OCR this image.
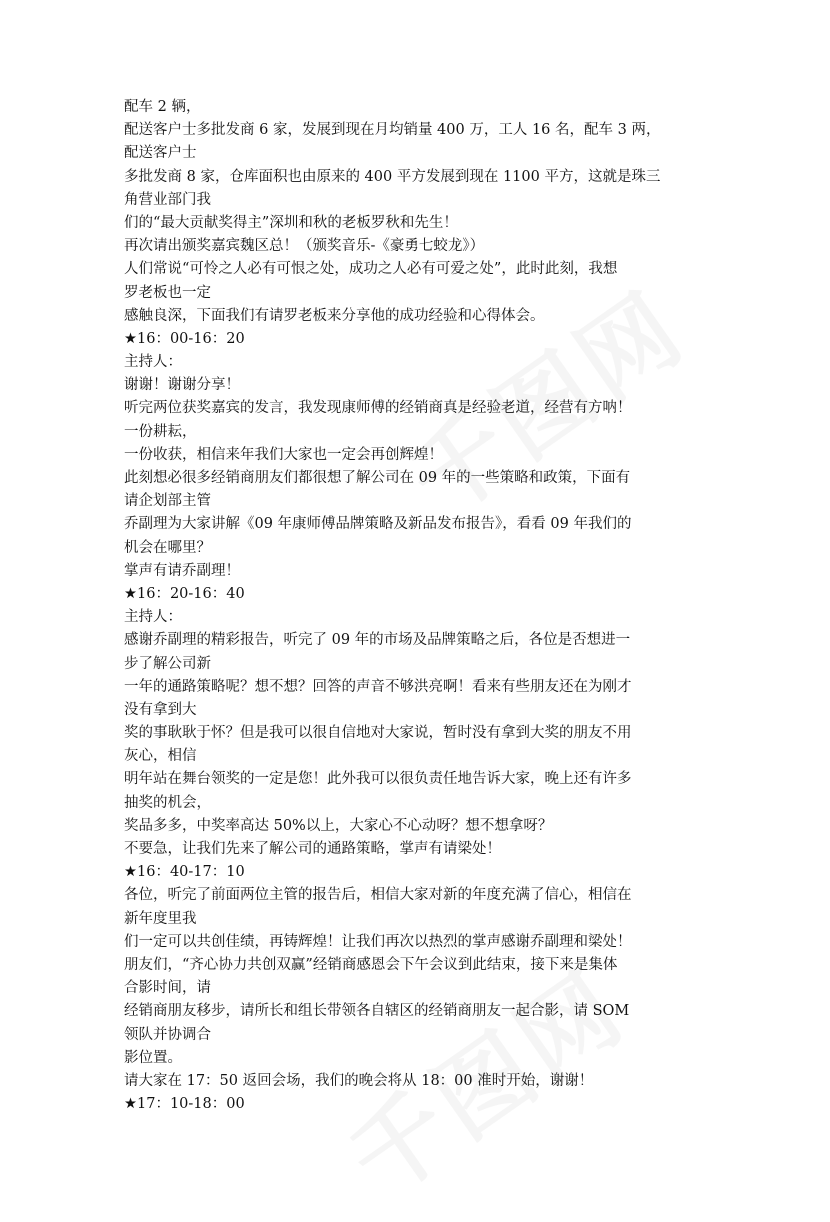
配车 2 辆，
配送客户士多批发商 6 家，发展到现在月均销量 400 万，工人 16 名，配车 3 两，
配送客户士
多批发商 8 家，仓库面积也由原来的 400 平方发展到现在 1100 平方，这就是珠三
角营业部门我
们的“最大贡献奖得主”深圳和秋的老板罗秋和先生！
再次请出颁奖嘉宾魏区总！（颁奖音乐-《豪勇七蛟龙》）
人们常说“可怜之人必有可恨之处，成功之人必有可爱之处”，此时此刻，我想
罗老板也一定
感触良深，下面我们有请罗老板来分享他的成功经验和心得体会。
★16：00-16：20
主持人：
谢谢！谢谢分享！
听完两位获奖嘉宾的发言，我发现康师傅的经销商真是经验老道，经营有方呐！
一份耕耘，
一份收获，相信来年我们大家也一定会再创辉煌！
此刻想必很多经销商朋友们都很想了解公司在 09 年的一些策略和政策，下面有
请企划部主管
乔副理为大家讲解《09 年康师傅品牌策略及新品发布报告》，看看 09 年我们的
机会在哪里？
掌声有请乔副理！
★16：20-16：40
主持人：
感谢乔副理的精彩报告，听完了 09 年的市场及品牌策略之后，各位是否想进一
步了解公司新
一年的通路策略呢？想不想？回答的声音不够洪亮啊！看来有些朋友还在为刚才
没有拿到大
奖的事耿耿于怀？但是我可以很自信地对大家说，暂时没有拿到大奖的朋友不用
灰心，相信
明年站在舞台领奖的一定是您！此外我可以很负责任地告诉大家，晚上还有许多
抽奖的机会，
奖品多多，中奖率高达 50%以上，大家心不心动呀？想不想拿呀？
不要急，让我们先来了解公司的通路策略，掌声有请梁处！
★16：40-17：10
各位，听完了前面两位主管的报告后，相信大家对新的年度充满了信心，相信在
新年度里我
们一定可以共创佳绩，再铸辉煌！让我们再次以热烈的掌声感谢乔副理和梁处！
朋友们，“齐心协力共创双赢”经销商感恩会下午会议到此结束，接下来是集体
合影时间，请
经销商朋友移步，请所长和组长带领各自辖区的经销商朋友一起合影，请 SOM
领队并协调合
影位置。
请大家在 17：50 返回会场，我们的晚会将从 18：00 准时开始，谢谢！
★17：10-18：00
